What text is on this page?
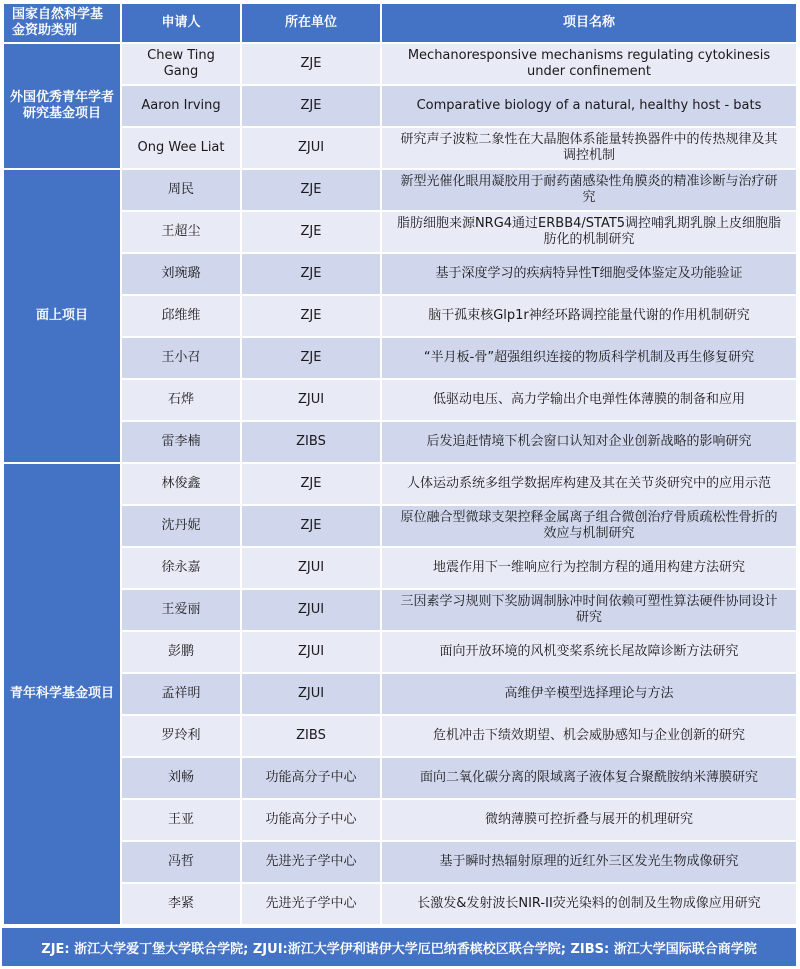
国家自然科学基金资助类别	申请人	所在单位	项目名称
外国优秀青年学者研究基金项目	Chew Ting Gang	ZJE	Mechanoresponsive mechanisms regulating cytokinesis under confinement
	Aaron Irving	ZJE	Comparative biology of a natural, healthy host - bats
	Ong Wee Liat	ZJUI	研究声子波粒二象性在大晶胞体系能量转换器件中的传热规律及其调控机制
面上项目	周民	ZJE	新型光催化眼用凝胶用于耐药菌感染性角膜炎的精准诊断与治疗研究
	王超尘	ZJE	脂肪细胞来源NRG4通过ERBB4/STAT5调控哺乳期乳腺上皮细胞脂肪化的机制研究
	刘琬璐	ZJE	基于深度学习的疾病特异性T细胞受体鉴定及功能验证
	邱维维	ZJE	脑干孤束核Glp1r神经环路调控能量代谢的作用机制研究
	王小召	ZJE	“半月板-骨”超强组织连接的物质科学机制及再生修复研究
	石烨	ZJUI	低驱动电压、高力学输出介电弹性体薄膜的制备和应用
	雷李楠	ZIBS	后发追赶情境下机会窗口认知对企业创新战略的影响研究
青年科学基金项目	林俊鑫	ZJE	人体运动系统多组学数据库构建及其在关节炎研究中的应用示范
	沈丹妮	ZJE	原位融合型微球支架控释金属离子组合微创治疗骨质疏松性骨折的效应与机制研究
	徐永嘉	ZJUI	地震作用下一维响应行为控制方程的通用构建方法研究
	王爱丽	ZJUI	三因素学习规则下奖励调制脉冲时间依赖可塑性算法硬件协同设计研究
	彭鹏	ZJUI	面向开放环境的风机变桨系统长尾故障诊断方法研究
	孟祥明	ZJUI	高维伊辛模型选择理论与方法
	罗玲利	ZIBS	危机冲击下绩效期望、机会威胁感知与企业创新的研究
	刘畅	功能高分子中心	面向二氧化碳分离的限域离子液体复合聚酰胺纳米薄膜研究
	王亚	功能高分子中心	微纳薄膜可控折叠与展开的机理研究
	冯哲	先进光子学中心	基于瞬时热辐射原理的近红外三区发光生物成像研究
	李紧	先进光子学中心	长激发&发射波长NIR-II荧光染料的创制及生物成像应用研究
ZJE: 浙江大学爱丁堡大学联合学院; ZJUI:浙江大学伊利诺伊大学厄巴纳香槟校区联合学院; ZIBS: 浙江大学国际联合商学院
